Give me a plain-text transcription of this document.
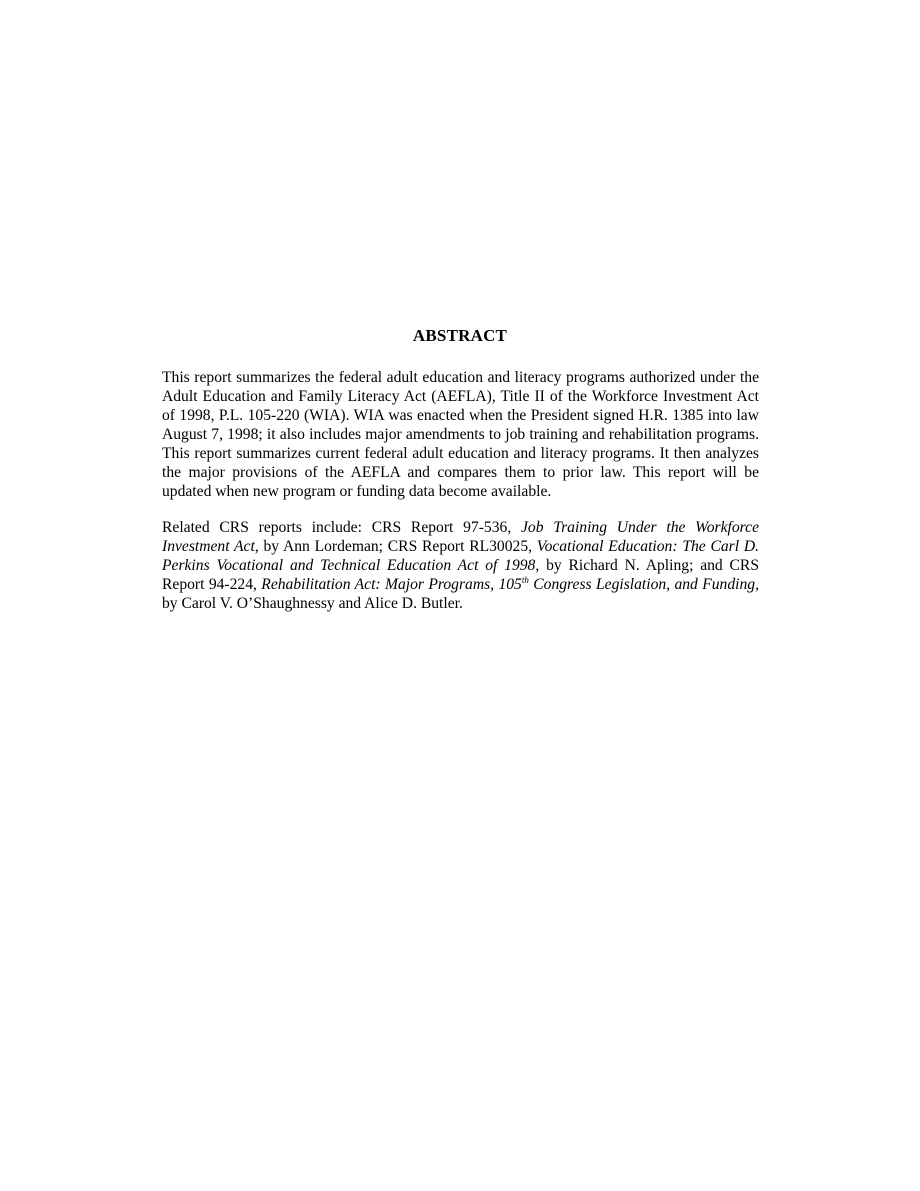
ABSTRACT

This report summarizes the federal adult education and literacy programs authorized under the Adult Education and Family Literacy Act (AEFLA), Title II of the Workforce Investment Act of 1998, P.L. 105-220 (WIA). WIA was enacted when the President signed H.R. 1385 into law August 7, 1998; it also includes major amendments to job training and rehabilitation programs. This report summarizes current federal adult education and literacy programs. It then analyzes the major provisions of the AEFLA and compares them to prior law. This report will be updated when new program or funding data become available.

Related CRS reports include: CRS Report 97-536, Job Training Under the Workforce Investment Act, by Ann Lordeman; CRS Report RL30025, Vocational Education: The Carl D. Perkins Vocational and Technical Education Act of 1998, by Richard N. Apling; and CRS Report 94-224, Rehabilitation Act: Major Programs, 105th Congress Legislation, and Funding, by Carol V. O’Shaughnessy and Alice D. Butler.
